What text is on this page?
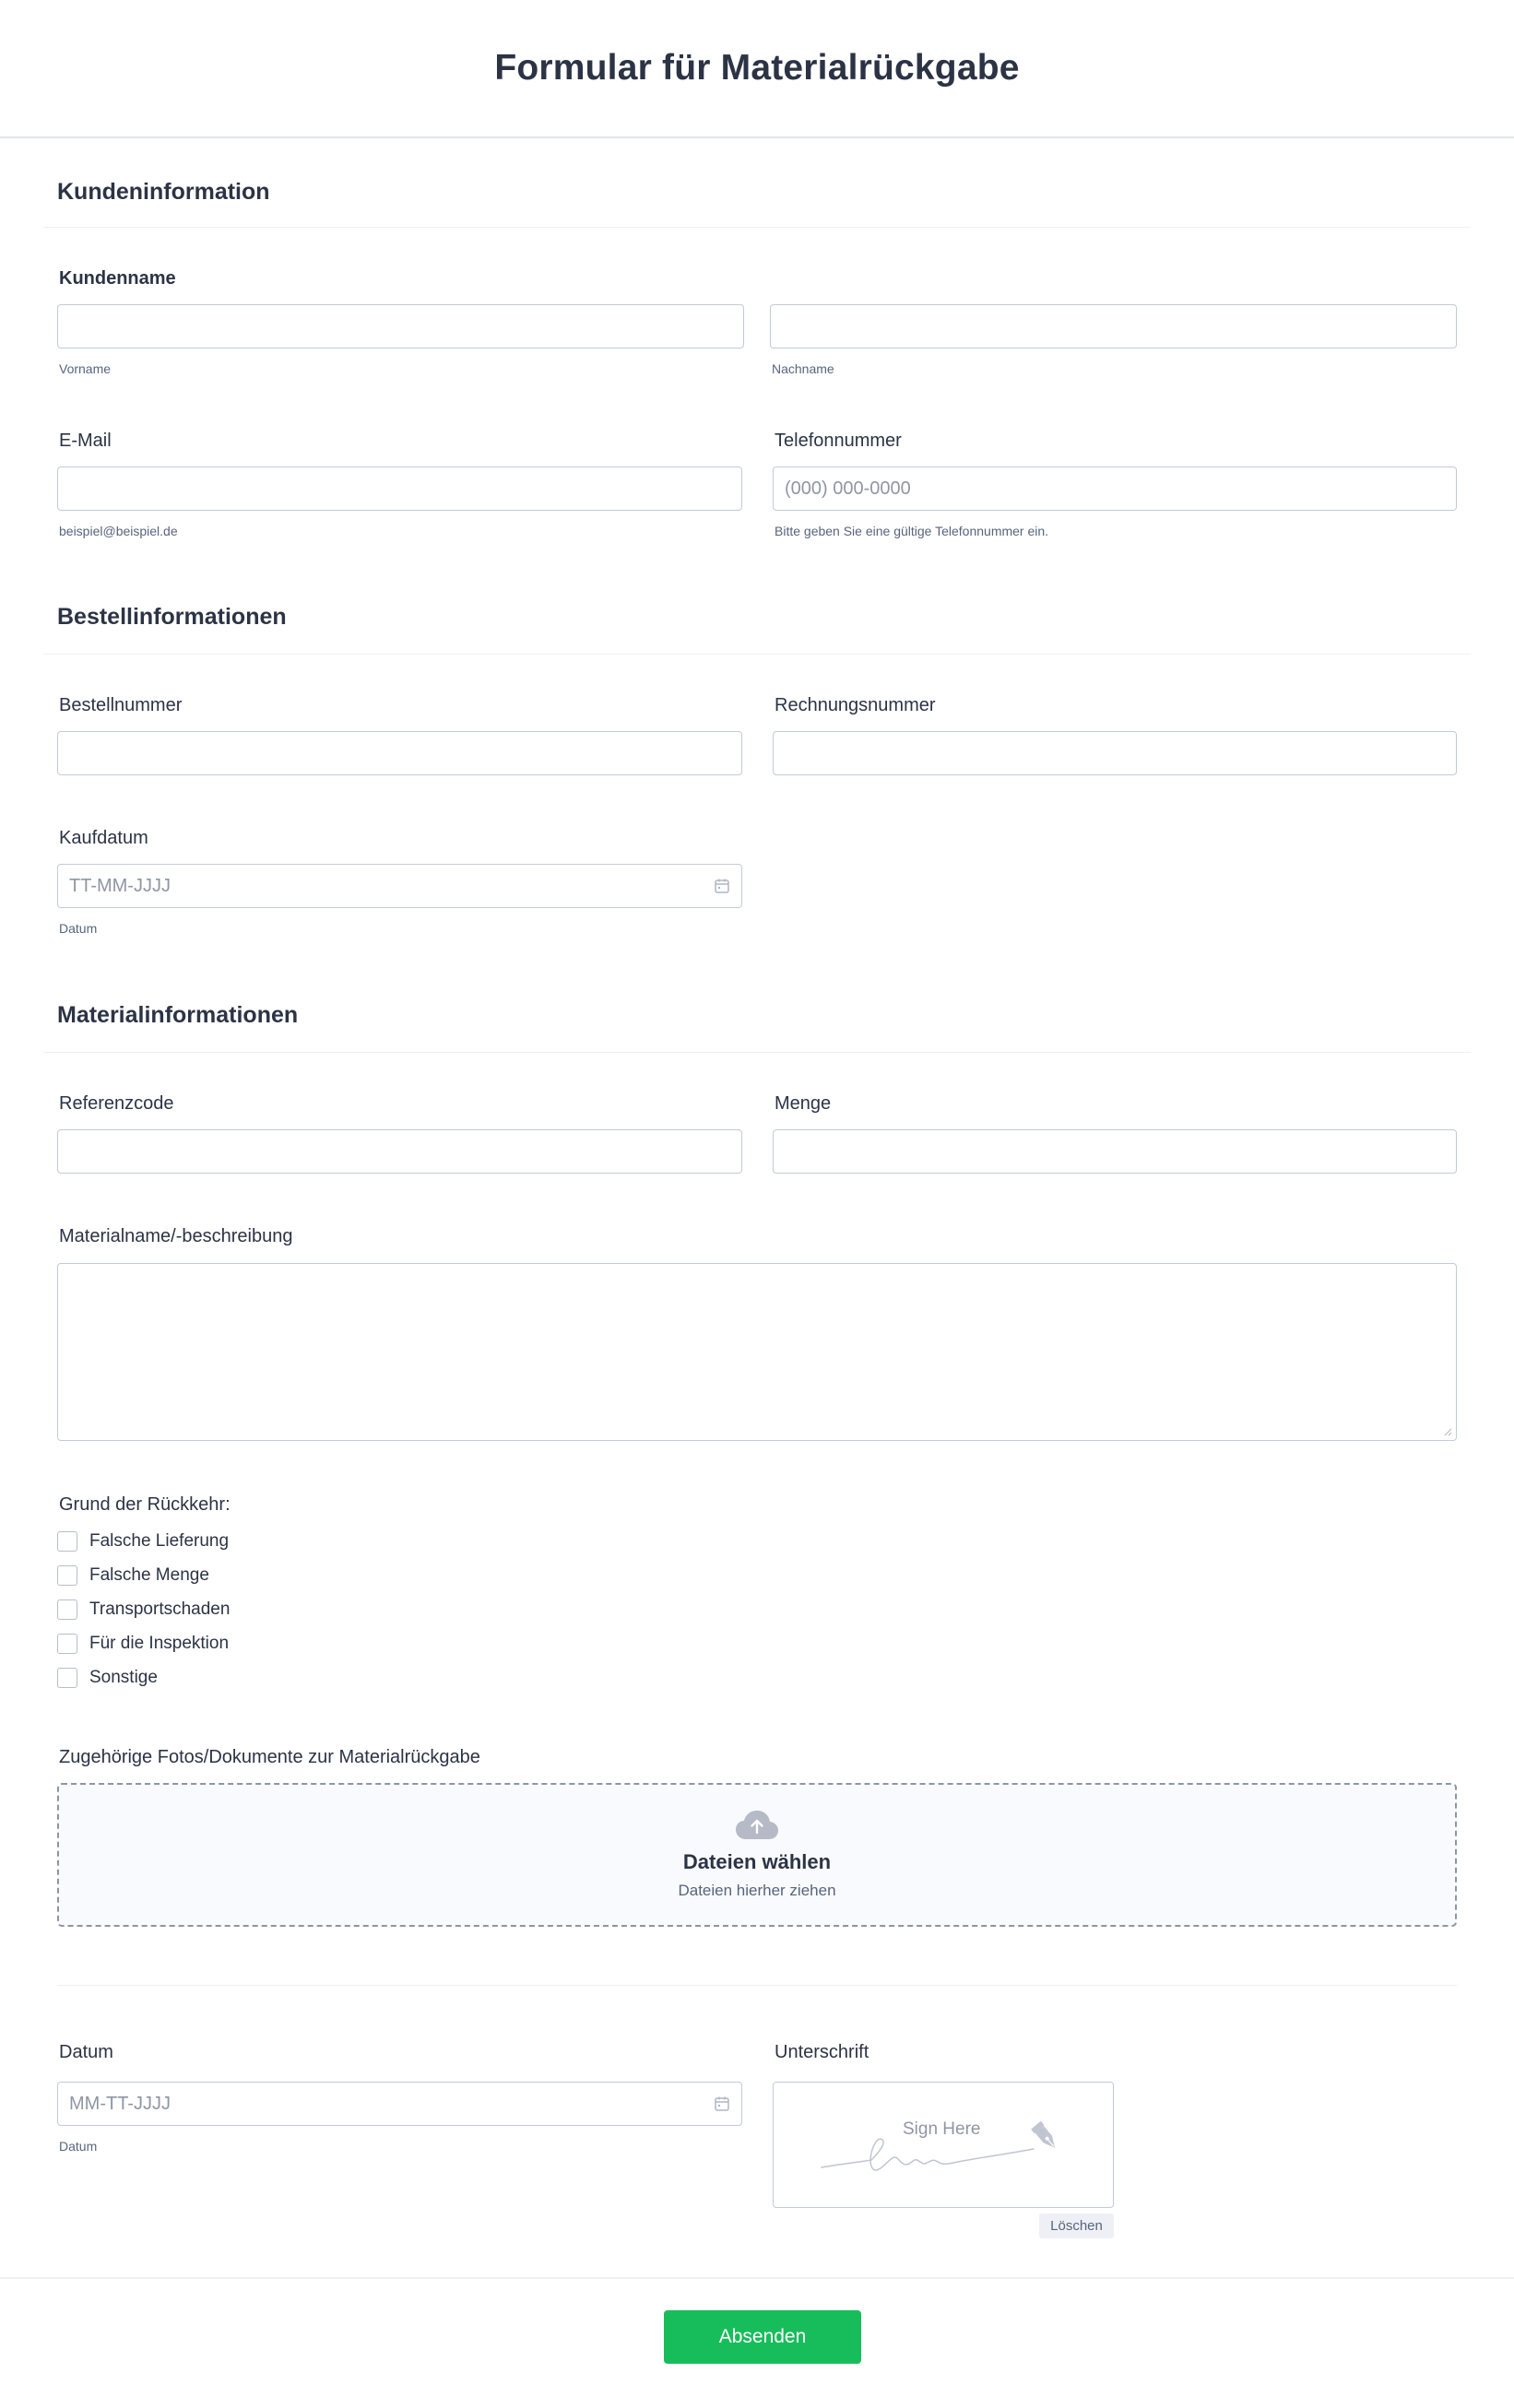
Formular für Materialrückgabe
Kundeninformation
Kundenname
Vorname	Nachname
E-Mail
beispiel@beispiel.de
Telefonnummer
(000) 000-0000
Bitte geben Sie eine gültige Telefonnummer ein.
Bestellinformationen
Bestellnummer	Rechnungsnummer
Kaufdatum
TT-MM-JJJJ
Datum
Materialinformationen
Referenzcode	Menge
Materialname/-beschreibung
Grund der Rückkehr:
Falsche Lieferung
Falsche Menge
Transportschaden
Für die Inspektion
Sonstige
Zugehörige Fotos/Dokumente zur Materialrückgabe
Dateien wählen
Dateien hierher ziehen
Datum
MM-TT-JJJJ
Datum
Unterschrift
Sign Here
Löschen
Absenden
